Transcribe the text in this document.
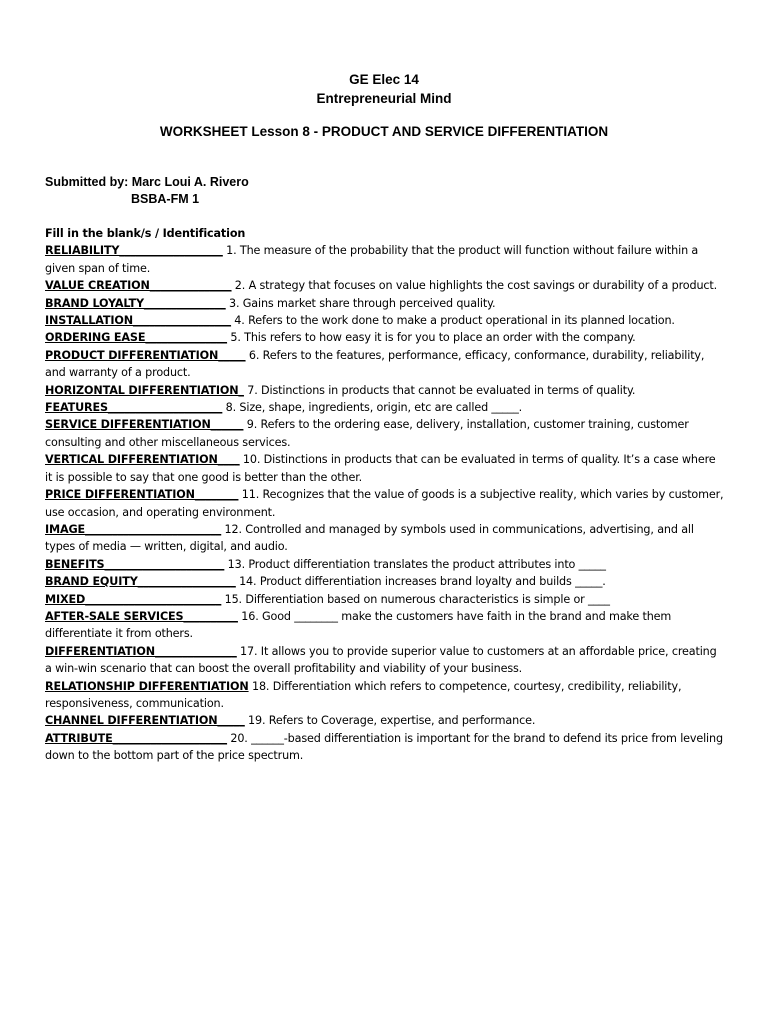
GE Elec 14
Entrepreneurial Mind
WORKSHEET Lesson 8 - PRODUCT AND SERVICE DIFFERENTIATION
Submitted by: Marc Loui A. Rivero
BSBA-FM 1
Fill in the blank/s / Identification
RELIABILITY___________________ 1. The measure of the probability that the product will function without failure within a given span of time.
VALUE CREATION_______________ 2. A strategy that focuses on value highlights the cost savings or durability of a product.
BRAND LOYALTY_______________ 3. Gains market share through perceived quality.
INSTALLATION__________________ 4. Refers to the work done to make a product operational in its planned location.
ORDERING EASE_______________ 5. This refers to how easy it is for you to place an order with the company.
PRODUCT DIFFERENTIATION_____ 6. Refers to the features, performance, efficacy, conformance, durability, reliability, and warranty of a product.
HORIZONTAL DIFFERENTIATION_ 7. Distinctions in products that cannot be evaluated in terms of quality.
FEATURES_____________________ 8. Size, shape, ingredients, origin, etc are called _____.
SERVICE DIFFERENTIATION______ 9. Refers to the ordering ease, delivery, installation, customer training, customer consulting and other miscellaneous services.
VERTICAL DIFFERENTIATION____ 10. Distinctions in products that can be evaluated in terms of quality. It’s a case where it is possible to say that one good is better than the other.
PRICE DIFFERENTIATION________ 11. Recognizes that the value of goods is a subjective reality, which varies by customer, use occasion, and operating environment.
IMAGE_________________________ 12. Controlled and managed by symbols used in communications, advertising, and all types of media — written, digital, and audio.
BENEFITS______________________ 13. Product differentiation translates the product attributes into _____
BRAND EQUITY__________________ 14. Product differentiation increases brand loyalty and builds _____.
MIXED_________________________ 15. Differentiation based on numerous characteristics is simple or ____
AFTER-SALE SERVICES__________ 16. Good ________ make the customers have faith in the brand and make them differentiate it from others.
DIFFERENTIATION_______________ 17. It allows you to provide superior value to customers at an affordable price, creating a win-win scenario that can boost the overall profitability and viability of your business.
RELATIONSHIP DIFFERENTIATION 18. Differentiation which refers to competence, courtesy, credibility, reliability, responsiveness, communication.
CHANNEL DIFFERENTIATION_____ 19. Refers to Coverage, expertise, and performance.
ATTRIBUTE_____________________ 20. ______-based differentiation is important for the brand to defend its price from leveling down to the bottom part of the price spectrum.
